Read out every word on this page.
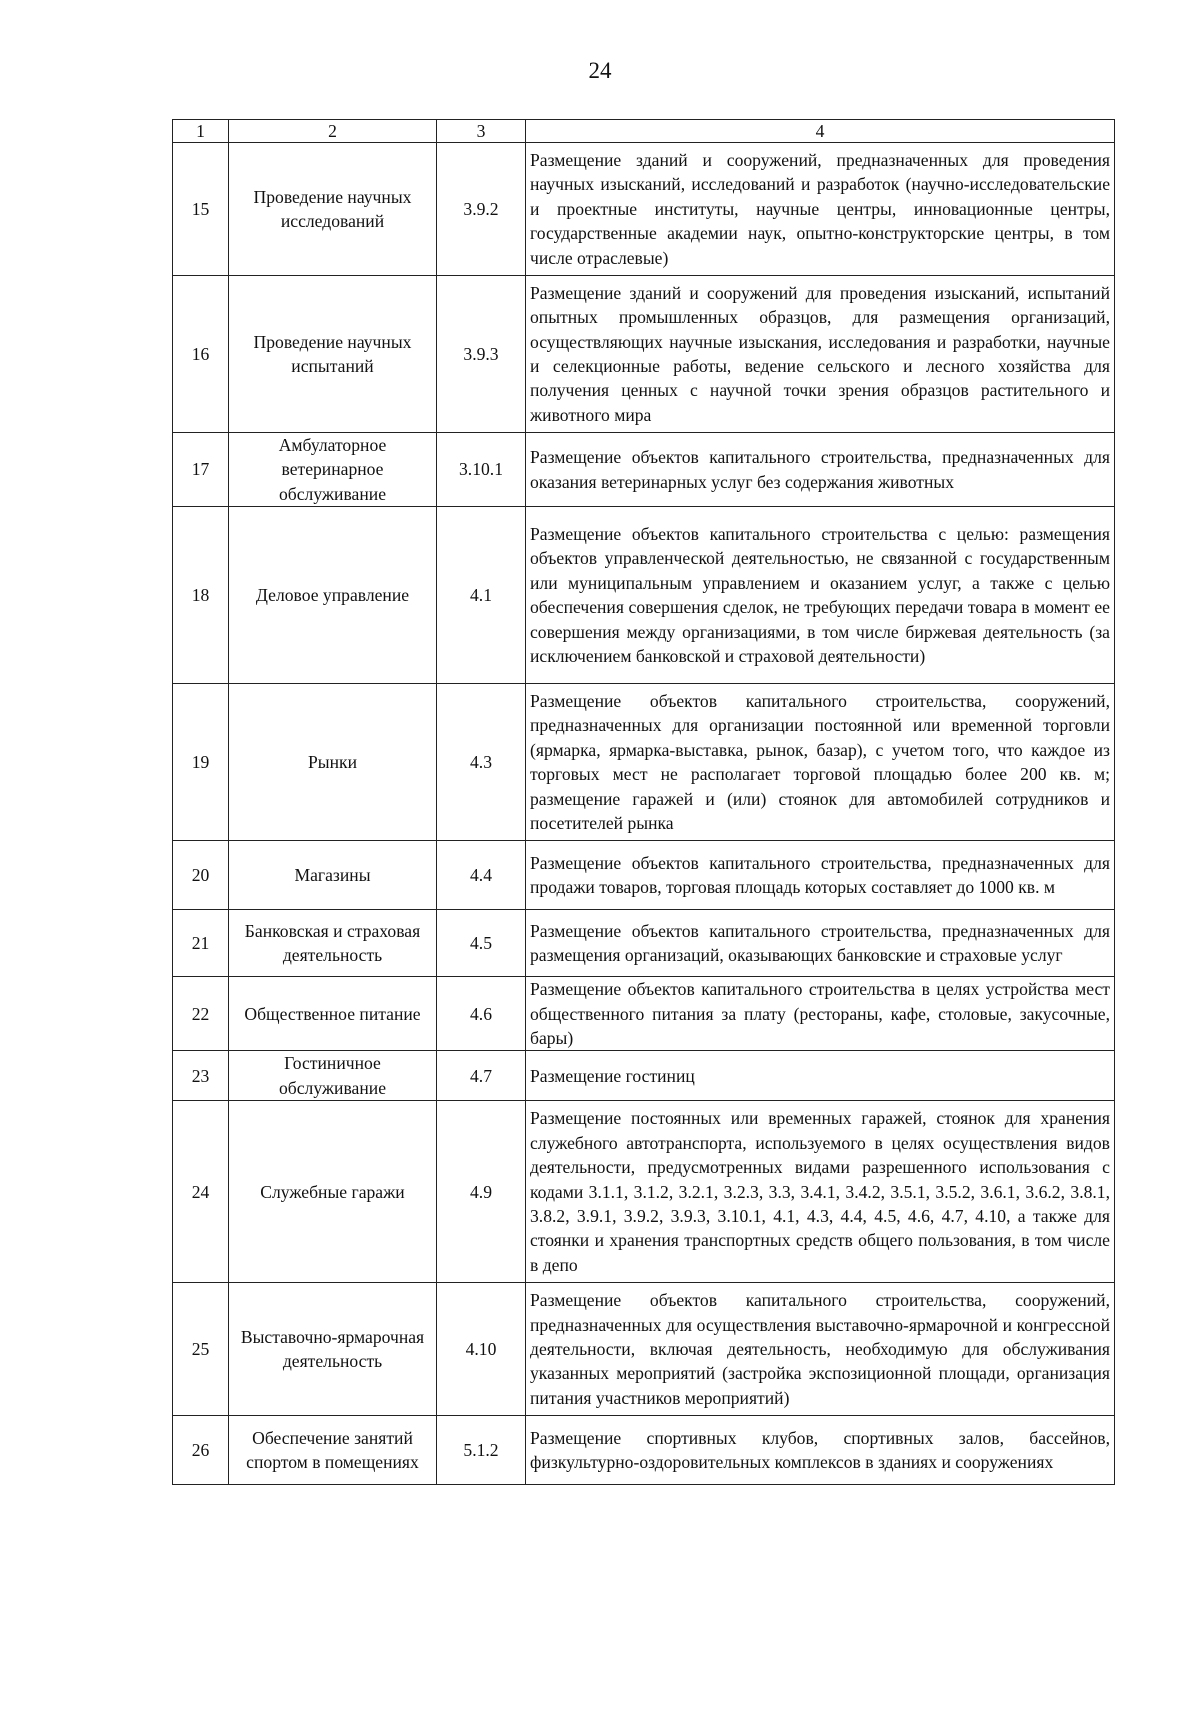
24
1	2	3	4
15	Проведение научных исследований	3.9.2	Размещение зданий и сооружений, предназначенных для проведения научных изысканий, исследований и разработок (научно-исследовательские и проектные институты, научные центры, инновационные центры, государственные академии наук, опытно-конструкторские центры, в том числе отраслевые)
16	Проведение научных испытаний	3.9.3	Размещение зданий и сооружений для проведения изысканий, испытаний опытных промышленных образцов, для размещения организаций, осуществляющих научные изыскания, исследования и разработки, научные и селекционные работы, ведение сельского и лесного хозяйства для получения ценных с научной точки зрения образцов растительного и животного мира
17	Амбулаторное ветеринарное обслуживание	3.10.1	Размещение объектов капитального строительства, предназначенных для оказания ветеринарных услуг без содержания животных
18	Деловое управление	4.1	Размещение объектов капитального строительства с целью: размещения объектов управленческой деятельностью, не связанной с государственным или муниципальным управлением и оказанием услуг, а также с целью обеспечения совершения сделок, не требующих передачи товара в момент ее совершения между организациями, в том числе биржевая деятельность (за исключением банковской и страховой деятельности)
19	Рынки	4.3	Размещение объектов капитального строительства, сооружений, предназначенных для организации постоянной или временной торговли (ярмарка, ярмарка-выставка, рынок, базар), с учетом того, что каждое из торговых мест не располагает торговой площадью более 200 кв. м; размещение гаражей и (или) стоянок для автомобилей сотрудников и посетителей рынка
20	Магазины	4.4	Размещение объектов капитального строительства, предназначенных для продажи товаров, торговая площадь которых составляет до 1000 кв. м
21	Банковская и страховая деятельность	4.5	Размещение объектов капитального строительства, предназначенных для размещения организаций, оказывающих банковские и страховые услуг
22	Общественное питание	4.6	Размещение объектов капитального строительства в целях устройства мест общественного питания за плату (рестораны, кафе, столовые, закусочные, бары)
23	Гостиничное обслуживание	4.7	Размещение гостиниц
24	Служебные гаражи	4.9	Размещение постоянных или временных гаражей, стоянок для хранения служебного автотранспорта, используемого в целях осуществления видов деятельности, предусмотренных видами разрешенного использования с кодами 3.1.1, 3.1.2, 3.2.1, 3.2.3, 3.3, 3.4.1, 3.4.2, 3.5.1, 3.5.2, 3.6.1, 3.6.2, 3.8.1, 3.8.2, 3.9.1, 3.9.2, 3.9.3, 3.10.1, 4.1, 4.3, 4.4, 4.5, 4.6, 4.7, 4.10, а также для стоянки и хранения транспортных средств общего пользования, в том числе в депо
25	Выставочно-ярмарочная деятельность	4.10	Размещение объектов капитального строительства, сооружений, предназначенных для осуществления выставочно-ярмарочной и конгрессной деятельности, включая деятельность, необходимую для обслуживания указанных мероприятий (застройка экспозиционной площади, организация питания участников мероприятий)
26	Обеспечение занятий спортом в помещениях	5.1.2	Размещение спортивных клубов, спортивных залов, бассейнов, физкультурно-оздоровительных комплексов в зданиях и сооружениях
